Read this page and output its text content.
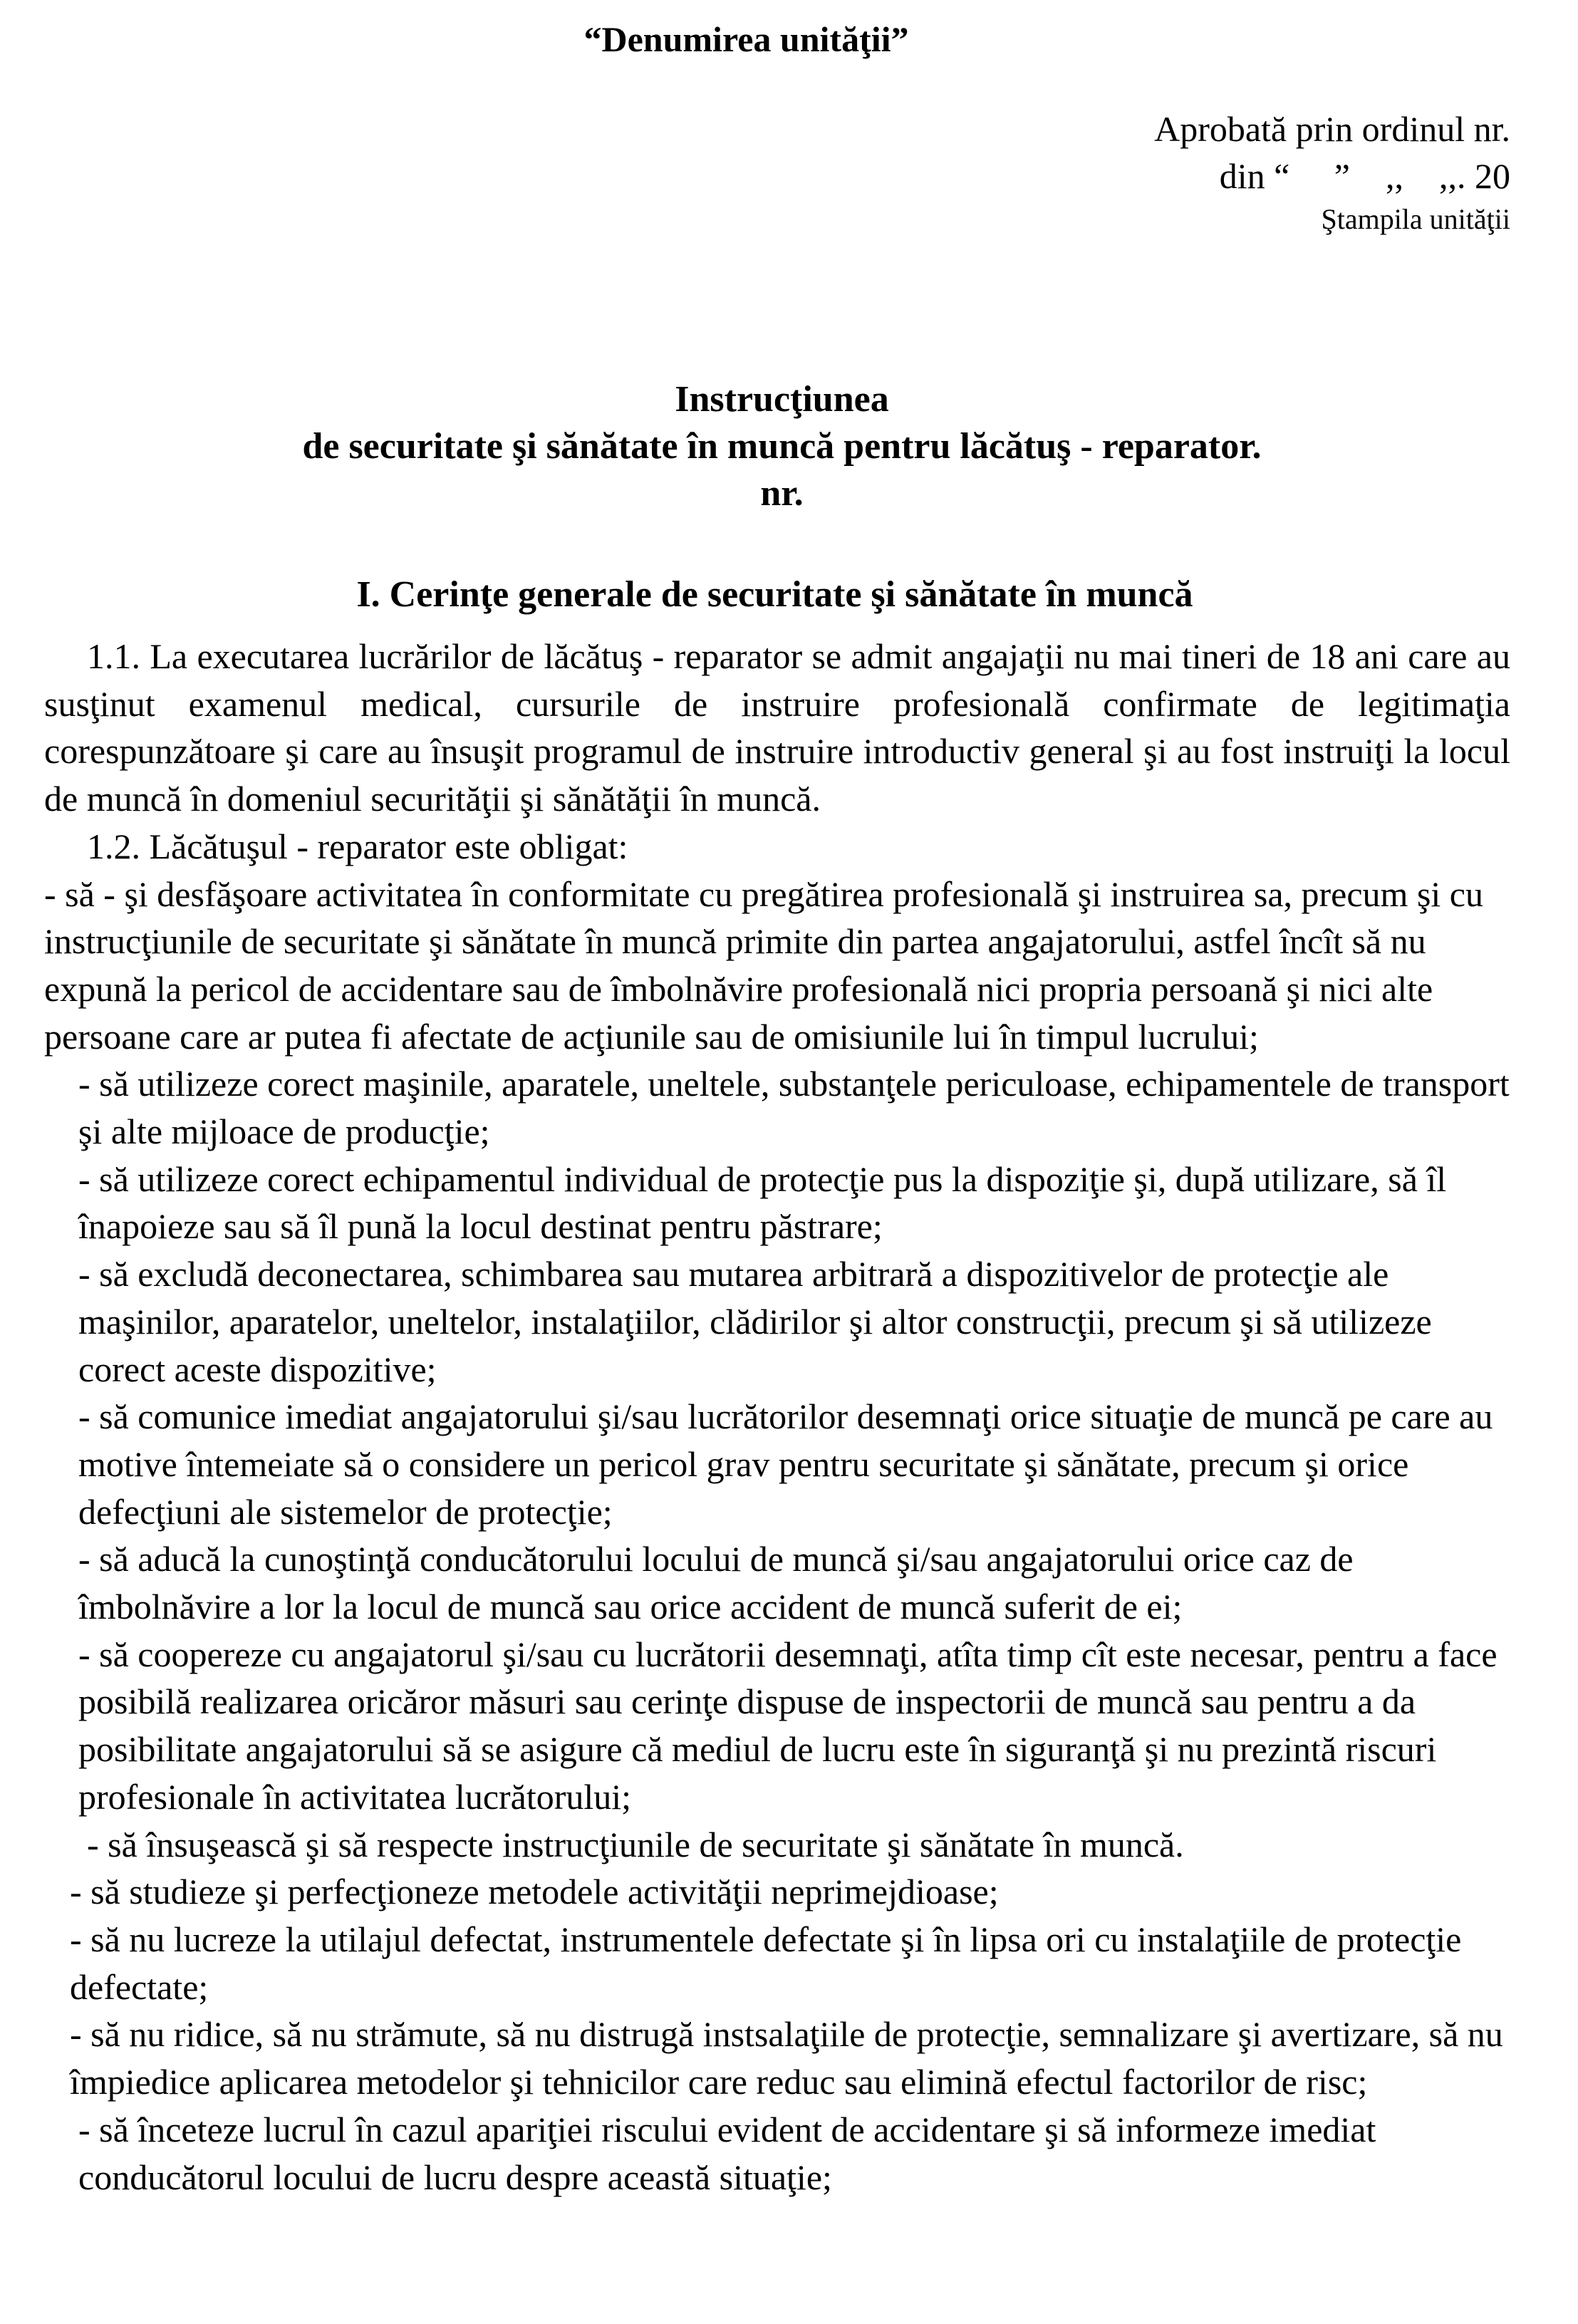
“Denumirea unităţii”
Aprobată prin ordinul nr.
din “     ”    ,,    ,,. 20
Ştampila unităţii
Instrucţiunea
de securitate şi sănătate în muncă pentru lăcătuş - reparator.
nr.
I. Cerinţe generale de securitate şi sănătate în muncă

1.1. La executarea lucrărilor de lăcătuş - reparator se admit angajaţii nu mai tineri de 18 ani care au susţinut examenul medical, cursurile de instruire profesională confirmate de legitimaţia corespunzătoare şi care au însuşit programul de instruire introductiv general şi au fost instruiţi la locul de muncă în domeniul securităţii şi sănătăţii în muncă.

1.2. Lăcătuşul - reparator este obligat:

- să - şi desfăşoare activitatea în conformitate cu pregătirea profesională şi instruirea sa, precum şi cu instrucţiunile de securitate şi sănătate în muncă primite din partea angajatorului, astfel încît să nu expună la pericol de accidentare sau de îmbolnăvire profesională nici propria persoană şi nici alte persoane care ar putea fi afectate de acţiunile sau de omisiunile lui în timpul lucrului;

- să utilizeze corect maşinile, aparatele, uneltele, substanţele periculoase, echipamentele de transport şi alte mijloace de producţie;

- să utilizeze corect echipamentul individual de protecţie pus la dispoziţie şi, după utilizare, să îl înapoieze sau să îl pună la locul destinat pentru păstrare;

- să excludă deconectarea, schimbarea sau mutarea arbitrară a dispozitivelor de protecţie ale maşinilor, aparatelor, uneltelor, instalaţiilor, clădirilor şi altor construcţii, precum şi să utilizeze corect aceste dispozitive;

- să comunice imediat angajatorului şi/sau lucrătorilor desemnaţi orice situaţie de muncă pe care au motive întemeiate să o considere un pericol grav pentru securitate şi sănătate, precum şi orice defecţiuni ale sistemelor de protecţie;

- să aducă la cunoştinţă conducătorului locului de muncă şi/sau angajatorului orice caz de îmbolnăvire a lor la locul de muncă sau orice accident de muncă suferit de ei;

- să coopereze cu angajatorul şi/sau cu lucrătorii desemnaţi, atîta timp cît este necesar, pentru a face posibilă realizarea oricăror măsuri sau cerinţe dispuse de inspectorii de muncă sau pentru a da posibilitate angajatorului să se asigure că mediul de lucru este în siguranţă şi nu prezintă riscuri profesionale în activitatea lucrătorului;

- să însuşească şi să respecte instrucţiunile de securitate şi sănătate în muncă.

- să studieze şi perfecţioneze metodele activităţii neprimejdioase;

- să nu lucreze la utilajul defectat, instrumentele defectate şi în lipsa ori cu instalaţiile de protecţie defectate;

- să nu ridice, să nu strămute, să nu distrugă instsalaţiile de protecţie, semnalizare şi avertizare, să nu împiedice aplicarea metodelor şi tehnicilor care reduc sau elimină efectul factorilor de risc;

- să înceteze lucrul în cazul apariţiei riscului evident de accidentare şi să informeze imediat conducătorul locului de lucru despre această situaţie;
